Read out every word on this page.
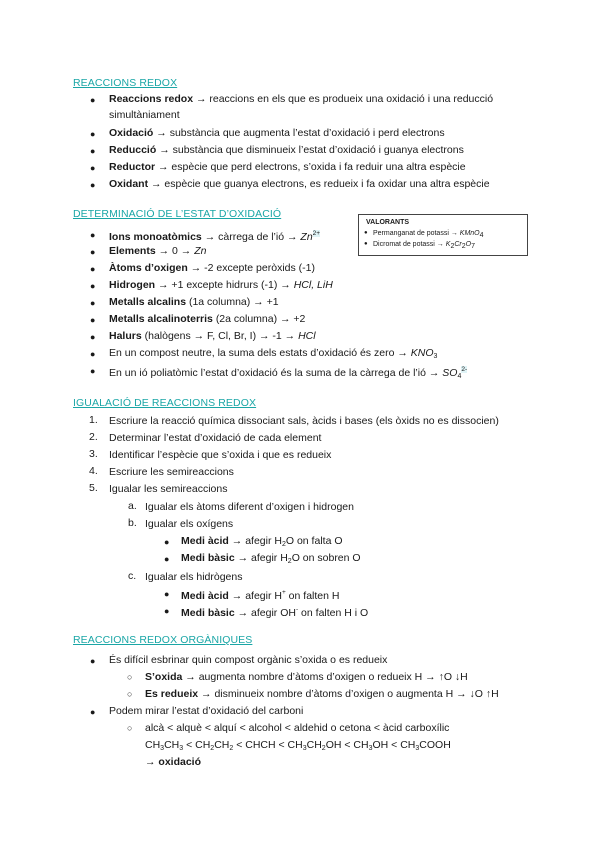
REACCIONS REDOX
● Reaccions redox → reaccions en els que es produeix una oxidació i una reducció
simultàniament
● Oxidació → substància que augmenta l’estat d’oxidació i perd electrons
● Reducció → substància que disminueix l’estat d’oxidació i guanya electrons
● Reductor → espècie que perd electrons, s’oxida i fa reduir una altra espècie
● Oxidant → espècie que guanya electrons, es redueix i fa oxidar una altra espècie
DETERMINACIÓ DE L’ESTAT D’OXIDACIÓ
VALORANTS
● Permanganat de potassi → KMnO4
● Dicromat de potassi → K2Cr2O7
● Ions monoatòmics → càrrega de l’ió → $Zn^{2+}$
● Elements → 0 → Zn
● Àtoms d’oxigen → -2 excepte peròxids (-1)
● Hidrogen → +1 excepte hidrurs (-1) → HCl, LiH
● Metalls alcalins (1a columna) → +1
● Metalls alcalinoterris (2a columna) → +2
● Halurs (halògens → F, Cl, Br, I) → -1 → HCl
● En un compost neutre, la suma dels estats d’oxidació és zero → $KNO_3$
● En un ió poliatòmic l’estat d’oxidació és la suma de la càrrega de l’ió → $SO_4^{2-}$
IGUALACIÓ DE REACCIONS REDOX
1. Escriure la reacció química dissociant sals, àcids i bases (els òxids no es dissocien)
2. Determinar l’estat d’oxidació de cada element
3. Identificar l’espècie que s’oxida i que es redueix
4. Escriure les semireaccions
5. Igualar les semireaccions
a. Igualar els àtoms diferent d’oxigen i hidrogen
b. Igualar els oxígens
● Medi àcid → afegir $H_2O$ on falta O
● Medi bàsic → afegir $H_2O$ on sobren O
c. Igualar els hidrògens
● Medi àcid → afegir H+ on falten H
● Medi bàsic → afegir OH- on falten H i O
REACCIONS REDOX ORGÀNIQUES
● És difícil esbrinar quin compost orgànic s’oxida o es redueix
○ S’oxida → augmenta nombre d’àtoms d’oxigen o redueix H → ↑O ↓H
○ Es redueix → disminueix nombre d’àtoms d’oxigen o augmenta H → ↓O ↑H
● Podem mirar l’estat d’oxidació del carboni
○ alcà < alquè < alquí < alcohol < aldehid o cetona < àcid carboxílic
$CH_3CH_3 < CH_2CH_2$ < CHCH < $CH_3CH_2OH < CH_3OH$ < $CH_3COOH$
→ oxidació
